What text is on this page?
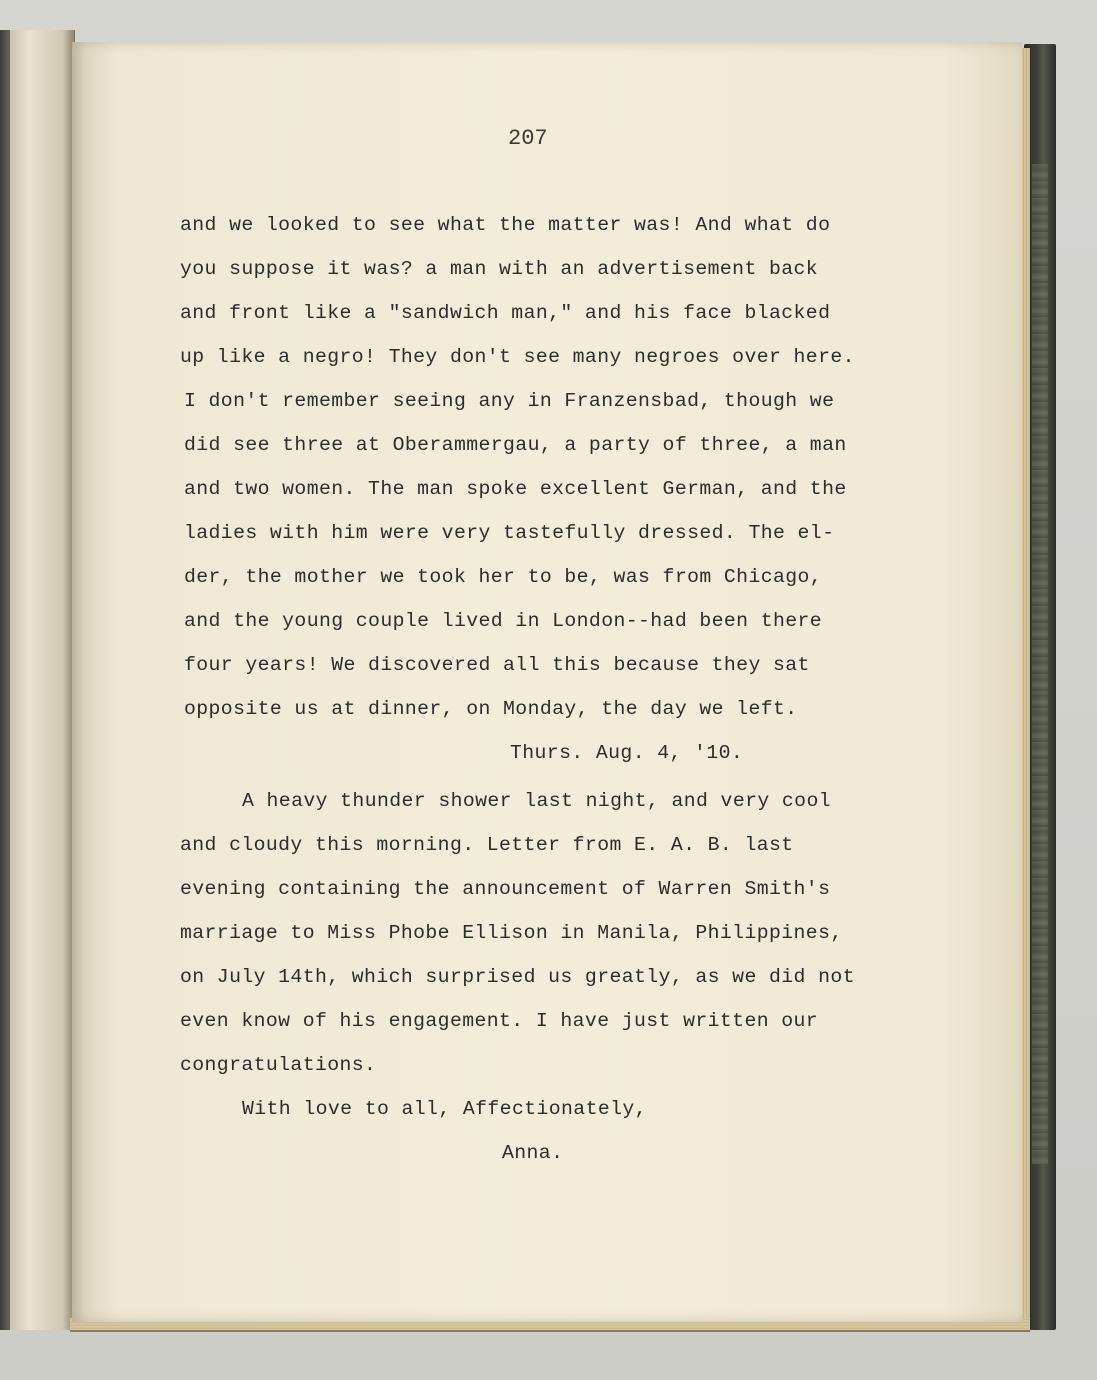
207
and we looked to see what the matter was! And what do
you suppose it was? a man with an advertisement back
and front like a "sandwich man," and his face blacked
up like a negro! They don't see many negroes over here.
I don't remember seeing any in Franzensbad, though we
did see three at Oberammergau, a party of three, a man
and two women. The man spoke excellent German, and the
ladies with him were very tastefully dressed. The el-
der, the mother we took her to be, was from Chicago,
and the young couple lived in London--had been there
four years! We discovered all this because they sat
opposite us at dinner, on Monday, the day we left.
Thurs. Aug. 4, '10.
A heavy thunder shower last night, and very cool
and cloudy this morning. Letter from E. A. B. last
evening containing the announcement of Warren Smith's
marriage to Miss Phobe Ellison in Manila, Philippines,
on July 14th, which surprised us greatly, as we did not
even know of his engagement. I have just written our
congratulations.
With love to all, Affectionately,
Anna.
